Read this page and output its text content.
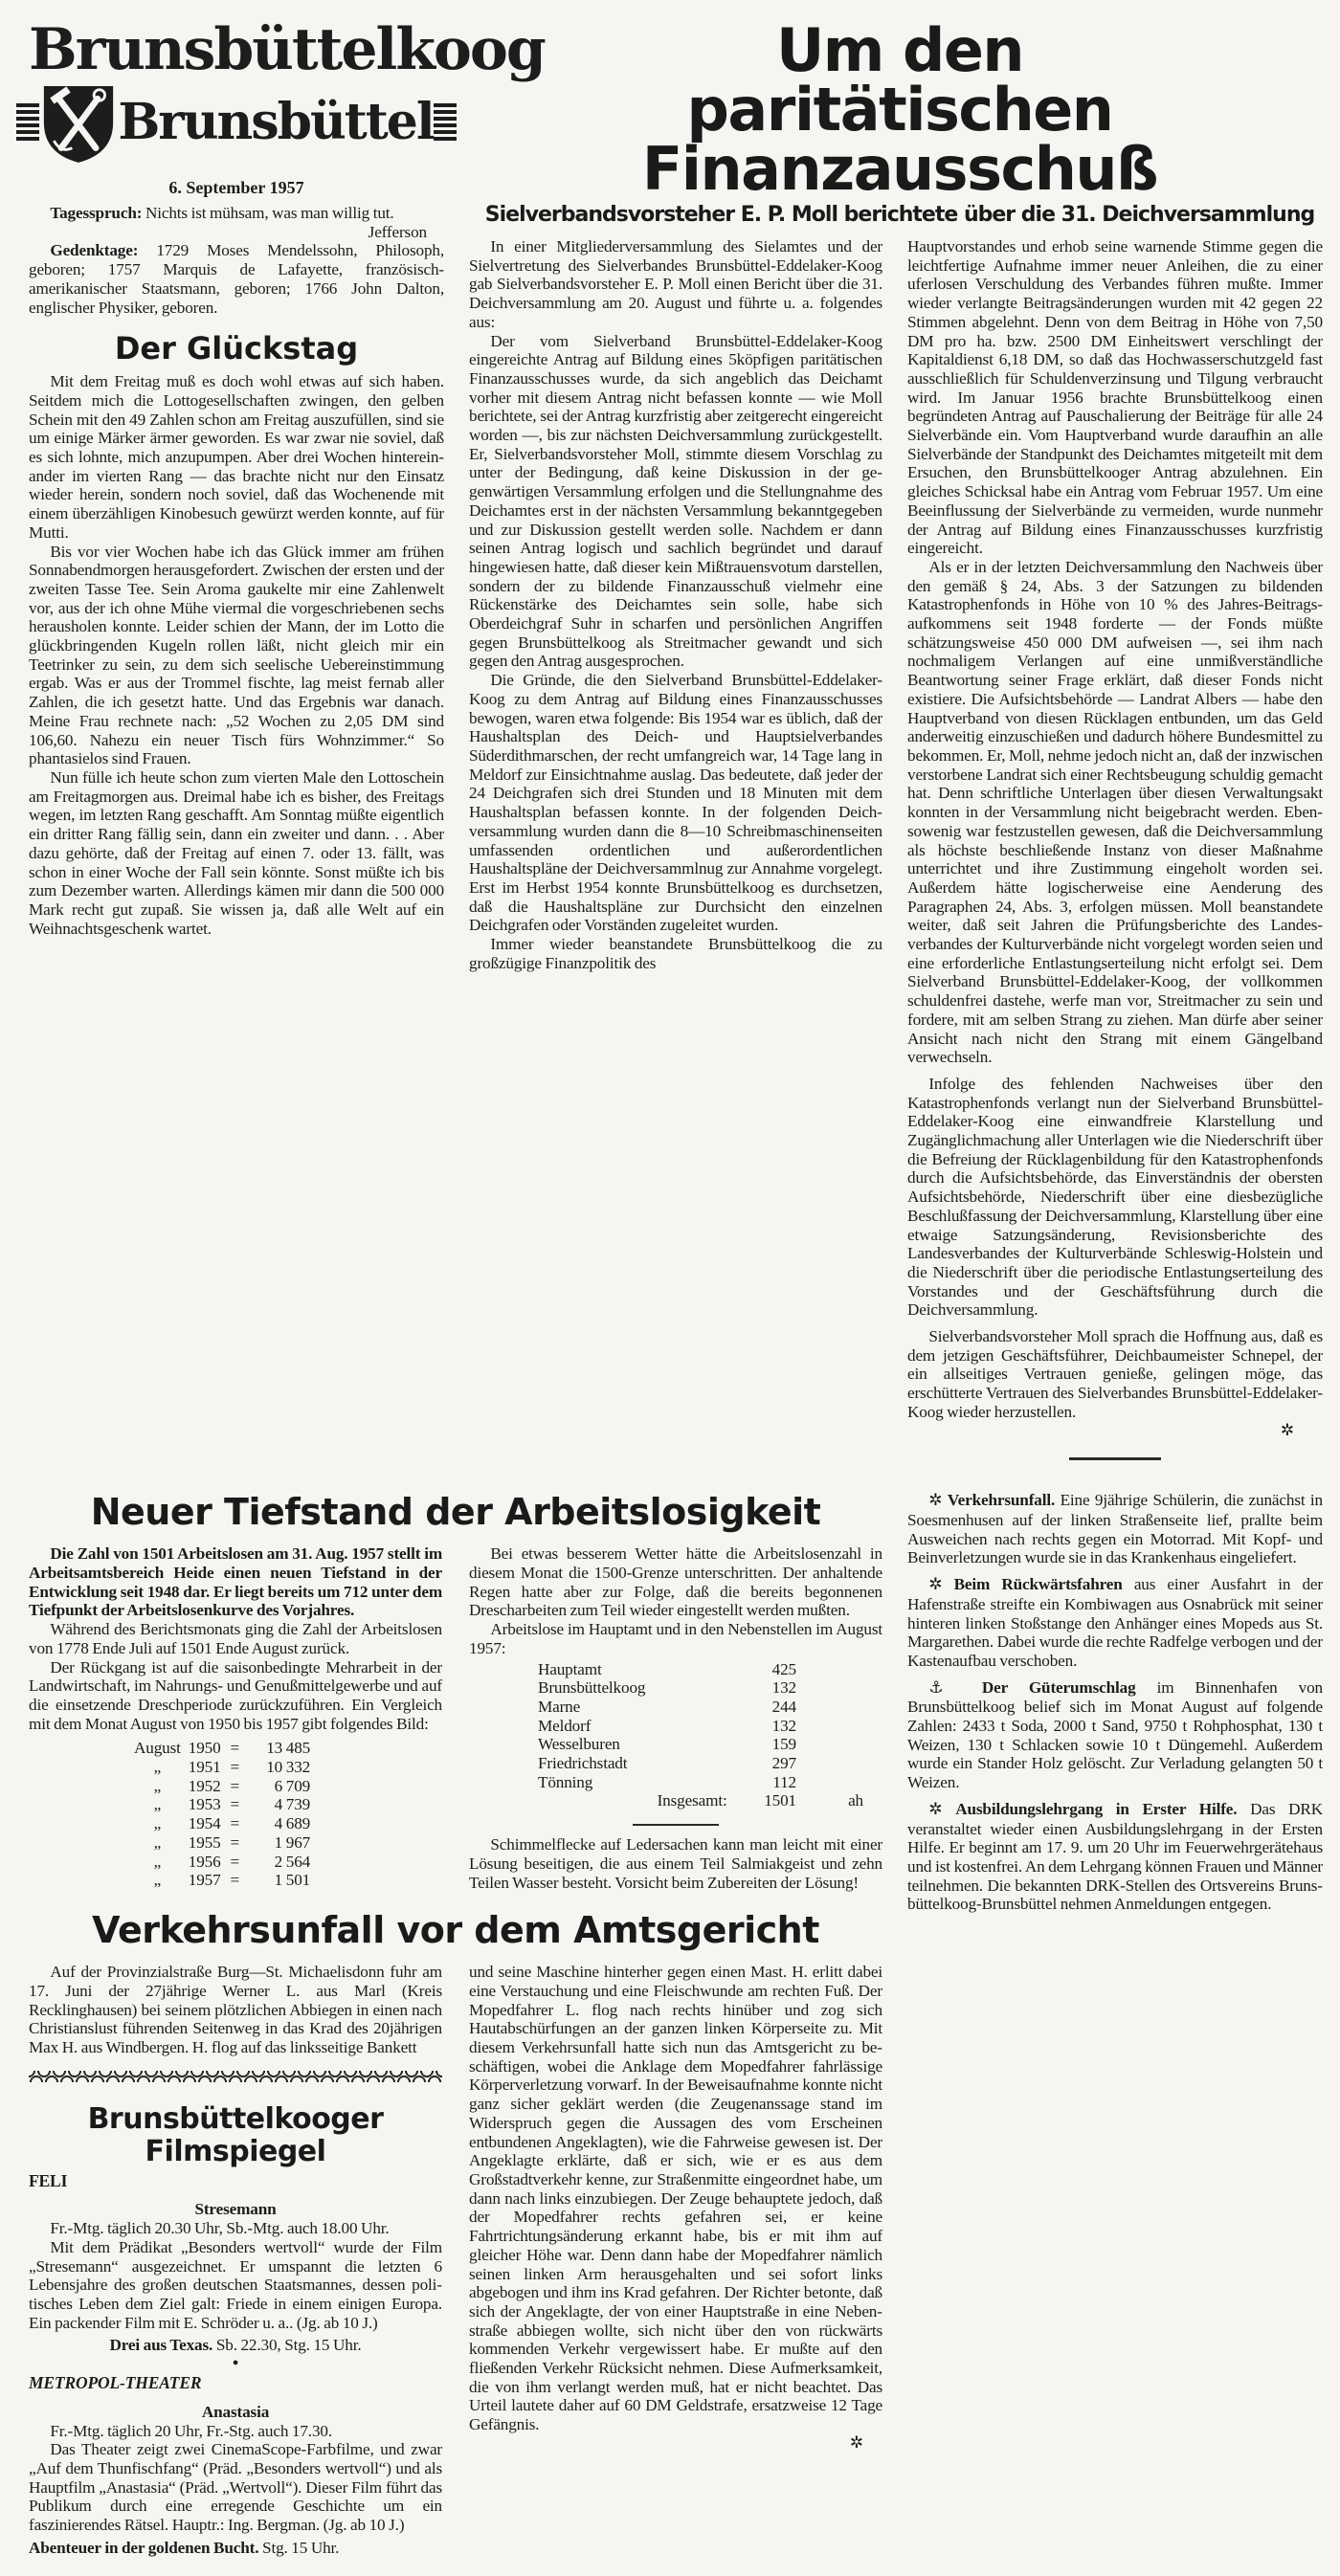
Brunsbüttelkoog
Brunsbüttel
6. September 1957

Tagesspruch: Nichts ist mühsam, was man willig tut.
Jefferson

Gedenktage: 1729 Moses Mendelssohn, Philosoph, geboren; 1757 Marquis de Lafayette, französisch-amerikanischer Staatsmann, geboren; 1766 John Dalton, englischer Physiker, geboren.

Der Glückstag

Mit dem Freitag muß es doch wohl etwas auf sich haben. Seitdem mich die Lottogesellschaften zwingen, den gelben Schein mit den 49 Zahlen schon am Freitag auszufüllen, sind sie um einige Märker ärmer geworden. Es war zwar nie soviel, daß es sich lohnte, mich anzupumpen. Aber drei Wochen hintereinander im vierten Rang — das brachte nicht nur den Einsatz wieder herein, sondern noch soviel, daß das Wochenende mit einem überzähligen Kinobesuch gewürzt werden konnte, auf für Mutti.

Bis vor vier Wochen habe ich das Glück immer am frühen Sonnabendmorgen herausgefordert. Zwischen der ersten und der zweiten Tasse Tee. Sein Aroma gaukelte mir eine Zahlenwelt vor, aus der ich ohne Mühe viermal die vorgeschriebenen sechs herausholen konnte. Leider schien der Mann, der im Lotto die glückbringenden Kugeln rollen läßt, nicht gleich mir ein Teetrinker zu sein, zu dem sich seelische Uebereinstimmung ergab. Was er aus der Trommel fischte, lag meist fernab aller Zahlen, die ich gesetzt hatte. Und das Ergebnis war danach. Meine Frau rechnete nach: „52 Wochen zu 2,05 DM sind 106,60. Nahezu ein neuer Tisch fürs Wohnzimmer.“ So phantasielos sind Frauen.

Nun fülle ich heute schon zum vierten Male den Lottoschein am Freitagmorgen aus. Dreimal habe ich es bisher, des Freitags wegen, im letzten Rang geschafft. Am Sonntag müßte eigentlich ein dritter Rang fällig sein, dann ein zweiter und dann. . . Aber dazu gehörte, daß der Freitag auf einen 7. oder 13. fällt, was schon in einer Woche der Fall sein könnte. Sonst müßte ich bis zum Dezember warten. Allerdings kämen mir dann die 500 000 Mark recht gut zupaß. Sie wissen ja, daß alle Welt auf ein Weihnachtsgeschenk wartet.

Um den
paritätischen Finanzausschuß
Sielverbandsvorsteher E. P. Moll berichtete über die 31. Deichversammlung

In einer Mitgliederversammlung des Sielamtes und der Sielvertretung des Sielverbandes Brunsbüttel-Eddelaker-Koog gab Sielverbandsvorsteher E. P. Moll einen Bericht über die 31. Deichversammlung am 20. August und führte u. a. folgendes aus:

Der vom Sielverband Brunsbüttel-Eddelaker-Koog eingereichte Antrag auf Bildung eines 5köpfigen paritätischen Finanzausschusses wurde, da sich angeblich das Deichamt vorher mit diesem Antrag nicht befassen konnte — wie Moll berichtete, sei der Antrag kurzfristig aber zeitgerecht eingereicht worden —, bis zur nächsten Deichversammlung zurückgestellt. Er, Sielverbandsvorsteher Moll, stimmte diesem Vorschlag zu unter der Bedingung, daß keine Diskussion in der gegenwärtigen Versammlung erfolgen und die Stellungnahme des Deichamtes erst in der nächsten Versammlung bekanntgegeben und zur Diskussion gestellt werden solle. Nachdem er dann seinen Antrag logisch und sachlich begründet und darauf hingewiesen hatte, daß dieser kein Mißtrauensvotum darstellen, sondern der zu bildende Finanzausschuß vielmehr eine Rückenstärke des Deichamtes sein solle, habe sich Oberdeichgraf Suhr in scharfen und persönlichen Angriffen gegen Brunsbüttelkoog als Streitmacher gewandt und sich gegen den Antrag ausgesprochen.

Die Gründe, die den Sielverband Brunsbüttel-Eddelaker-Koog zu dem Antrag auf Bildung eines Finanzausschusses bewogen, waren etwa folgende: Bis 1954 war es üblich, daß der Haushaltsplan des Deich- und Hauptsielverbandes Süderdithmarschen, der recht umfangreich war, 14 Tage lang in Meldorf zur Einsichtnahme auslag. Das bedeutete, daß jeder der 24 Deichgrafen sich drei Stunden und 18 Minuten mit dem Haushaltsplan befassen konnte. In der folgenden Deichversammlung wurden dann die 8—10 Schreibmaschinenseiten umfassenden ordentlichen und außerordentlichen Haushaltspläne der Deichversammlnug zur Annahme vorgelegt. Erst im Herbst 1954 konnte Brunsbüttelkoog es durchsetzen, daß die Haushaltspläne zur Durchsicht den einzelnen Deichgrafen oder Vorständen zugeleitet wurden.

Immer wieder beanstandete Brunsbüttelkoog die zu großzügige Finanzpolitik des

Hauptvorstandes und erhob seine warnende Stimme gegen die leichtfertige Aufnahme immer neuer Anleihen, die zu einer uferlosen Verschuldung des Verbandes führen mußte. Immer wieder verlangte Beitragsänderungen wurden mit 42 gegen 22 Stimmen abgelehnt. Denn von dem Beitrag in Höhe von 7,50 DM pro ha. bzw. 2500 DM Einheitswert verschlingt der Kapitaldienst 6,18 DM, so daß das Hochwasserschutzgeld fast ausschließlich für Schuldenverzinsung und Tilgung verbraucht wird. Im Januar 1956 brachte Brunsbüttelkoog einen begründeten Antrag auf Pauschalierung der Beiträge für alle 24 Sielverbände ein. Vom Hauptverband wurde daraufhin an alle Sielverbände der Standpunkt des Deichamtes mitgeteilt mit dem Ersuchen, den Brunsbüttelkooger Antrag abzulehnen. Ein gleiches Schicksal habe ein Antrag vom Februar 1957. Um eine Beeinflussung der Sielverbände zu vermeiden, wurde nunmehr der Antrag auf Bildung eines Finanzausschusses kurzfristig eingereicht.

Als er in der letzten Deichversammlung den Nachweis über den gemäß § 24, Abs. 3 der Satzungen zu bildenden Katastrophenfonds in Höhe von 10 % des Jahres-Beitragsaufkommens seit 1948 forderte — der Fonds müßte schätzungsweise 450 000 DM aufweisen —, sei ihm nach nochmaligem Verlangen auf eine unmißverständliche Beantwortung seiner Frage erklärt, daß dieser Fonds nicht existiere. Die Aufsichtsbehörde — Landrat Albers — habe den Hauptverband von diesen Rücklagen entbunden, um das Geld anderweitig einzuschießen und dadurch höhere Bundesmittel zu bekommen. Er, Moll, nehme jedoch nicht an, daß der inzwischen verstorbene Landrat sich einer Rechtsbeugung schuldig gemacht hat. Denn schriftliche Unterlagen über diesen Verwaltungsakt konnten in der Versammlung nicht beigebracht werden. Ebensowenig war festzustellen gewesen, daß die Deichversammlung als höchste beschließende Instanz von dieser Maßnahme unterrichtet und ihre Zustimmung eingeholt worden sei. Außerdem hätte logischerweise eine Aenderung des Paragraphen 24, Abs. 3, erfolgen müssen. Moll beanstandete weiter, daß seit Jahren die Prüfungsberichte des Landesverbandes der Kulturverbände nicht vorgelegt worden seien und eine erforderliche Entlastungserteilung nicht erfolgt sei. Dem Sielverband Brunsbüttel-Eddelaker-Koog, der vollkommen schuldenfrei dastehe, werfe man vor, Streitmacher zu sein und fordere, mit am selben Strang zu ziehen. Man dürfe aber seiner Ansicht nach nicht den Strang mit einem Gängelband verwechseln.

Infolge des fehlenden Nachweises über den Katastrophenfonds verlangt nun der Sielverband Brunsbüttel-Eddelaker-Koog eine einwandfreie Klarstellung und Zugänglichmachung aller Unterlagen wie die Niederschrift über die Befreiung der Rücklagenbildung für den Katastrophenfonds durch die Aufsichtsbehörde, das Einverständnis der obersten Aufsichtsbehörde, Niederschrift über eine diesbezügliche Beschlußfassung der Deichversammlung, Klarstellung über eine etwaige Satzungsänderung, Revisionsberichte des Landesverbandes der Kulturverbände Schleswig-Holstein und die Niederschrift über die periodische Entlastungserteilung des Vorstandes und der Geschäftsführung durch die Deichversammlung.

Sielverbandsvorsteher Moll sprach die Hoffnung aus, daß es dem jetzigen Geschäftsführer, Deichbaumeister Schnepel, der ein allseitiges Vertrauen genieße, gelingen möge, das erschütterte Vertrauen des Sielverbandes Brunsbüttel-Eddelaker-Koog wieder herzustellen.

✲
Neuer Tiefstand der Arbeitslosigkeit

Die Zahl von 1501 Arbeitslosen am 31. Aug. 1957 stellt im Arbeitsamtsbereich Heide einen neuen Tiefstand in der Entwicklung seit 1948 dar. Er liegt bereits um 712 unter dem Tiefpunkt der Arbeitslosenkurve des Vorjahres.

Während des Berichtsmonats ging die Zahl der Arbeitslosen von 1778 Ende Juli auf 1501 Ende August zurück.

Der Rückgang ist auf die saisonbedingte Mehrarbeit in der Landwirtschaft, im Nahrungs- und Genußmittelgewerbe und auf die einsetzende Dreschperiode zurückzuführen. Ein Vergleich mit dem Monat August von 1950 bis 1957 gibt folgendes Bild:

August	1950	=	13 485
„	1951	=	10 332
„	1952	=	6 709
„	1953	=	4 739
„	1954	=	4 689
„	1955	=	1 967
„	1956	=	2 564
„	1957	=	1 501

Bei etwas besserem Wetter hätte die Arbeitslosenzahl in diesem Monat die 1500-Grenze unterschritten. Der anhaltende Regen hatte aber zur Folge, daß die bereits begonnenen Drescharbeiten zum Teil wieder eingestellt werden mußten.

Arbeitslose im Hauptamt und in den Nebenstellen im August 1957:

Hauptamt	425	
Brunsbüttelkoog	132	
Marne	244	
Meldorf	132	
Wesselburen	159	
Friedrichstadt	297	
Tönning	112	
Insgesamt:	1501	ah

Schimmelflecke auf Ledersachen kann man leicht mit einer Lösung beseitigen, die aus einem Teil Salmiakgeist und zehn Teilen Wasser besteht. Vorsicht beim Zubereiten der Lösung!

Verkehrsunfall vor dem Amtsgericht

Auf der Provinzialstraße Burg—St. Michaelisdonn fuhr am 17. Juni der 27jährige Werner L. aus Marl (Kreis Recklinghausen) bei seinem plötzlichen Abbiegen in einen nach Christianslust führenden Seitenweg in das Krad des 20jährigen Max H. aus Windbergen. H. flog auf das linksseitige Bankett

Brunsbüttelkooger Filmspiegel
FELI
Stresemann

Fr.-Mtg. täglich 20.30 Uhr, Sb.-Mtg. auch 18.00 Uhr.

Mit dem Prädikat „Besonders wertvoll“ wurde der Film „Stresemann“ ausgezeichnet. Er umspannt die letzten 6 Lebensjahre des großen deutschen Staatsmannes, dessen politisches Leben dem Ziel galt: Friede in einem einigen Europa. Ein packender Film mit E. Schröder u. a.. (Jg. ab 10 J.)

Drei aus Texas. Sb. 22.30, Stg. 15 Uhr.
●
METROPOL-THEATER
Anastasia

Fr.-Mtg. täglich 20 Uhr, Fr.-Stg. auch 17.30.

Das Theater zeigt zwei CinemaScope-Farbfilme, und zwar „Auf dem Thunfischfang“ (Präd. „Besonders wertvoll“) und als Hauptfilm „Anastasia“ (Präd. „Wertvoll“). Dieser Film führt das Publikum durch eine erregende Geschichte um ein faszinierendes Rätsel. Hauptr.: Ing. Bergman. (Jg. ab 10 J.)

Abenteuer in der goldenen Bucht. Stg. 15 Uhr.

und seine Maschine hinterher gegen einen Mast. H. erlitt dabei eine Verstauchung und eine Fleischwunde am rechten Fuß. Der Mopedfahrer L. flog nach rechts hinüber und zog sich Hautabschürfungen an der ganzen linken Körperseite zu. Mit diesem Verkehrsunfall hatte sich nun das Amtsgericht zu beschäftigen, wobei die Anklage dem Mopedfahrer fahrlässige Körperverletzung vorwarf. In der Beweisaufnahme konnte nicht ganz sicher geklärt werden (die Zeugenanssage stand im Widerspruch gegen die Aussagen des vom Erscheinen entbundenen Angeklagten), wie die Fahrweise gewesen ist. Der Angeklagte erklärte, daß er sich, wie er es aus dem Großstadtverkehr kenne, zur Straßenmitte eingeordnet habe, um dann nach links einzubiegen. Der Zeuge behauptete jedoch, daß der Mopedfahrer rechts gefahren sei, er keine Fahrtrichtungsänderung erkannt habe, bis er mit ihm auf gleicher Höhe war. Denn dann habe der Mopedfahrer nämlich seinen linken Arm herausgehalten und sei sofort links abgebogen und ihm ins Krad gefahren. Der Richter betonte, daß sich der Angeklagte, der von einer Hauptstraße in eine Nebenstraße abbiegen wollte, sich nicht über den von rückwärts kommenden Verkehr vergewissert habe. Er mußte auf den fließenden Verkehr Rücksicht nehmen. Diese Aufmerksamkeit, die von ihm verlangt werden muß, hat er nicht beachtet. Das Urteil lautete daher auf 60 DM Geldstrafe, ersatzweise 12 Tage Gefängnis.

✲

✲ Verkehrsunfall. Eine 9jährige Schülerin, die zunächst in Soesmenhusen auf der linken Straßenseite lief, prallte beim Ausweichen nach rechts gegen ein Motorrad. Mit Kopf- und Beinverletzungen wurde sie in das Krankenhaus eingeliefert.

✲ Beim Rückwärtsfahren aus einer Ausfahrt in der Hafenstraße streifte ein Kombiwagen aus Osnabrück mit seiner hinteren linken Stoßstange den Anhänger eines Mopeds aus St. Margarethen. Dabei wurde die rechte Radfelge verbogen und der Kastenaufbau verschoben.

⚓ Der Güterumschlag im Binnenhafen von Brunsbüttelkoog belief sich im Monat August auf folgende Zahlen: 2433 t Soda, 2000 t Sand, 9750 t Rohphosphat, 130 t Weizen, 130 t Schlacken sowie 10 t Düngemehl. Außerdem wurde ein Stander Holz gelöscht. Zur Verladung gelangten 50 t Weizen.

✲ Ausbildungslehrgang in Erster Hilfe. Das DRK veranstaltet wieder einen Ausbildungslehrgang in der Ersten Hilfe. Er beginnt am 17. 9. um 20 Uhr im Feuerwehrgerätehaus und ist kostenfrei. An dem Lehrgang können Frauen und Männer teilnehmen. Die bekannten DRK-Stellen des Ortsvereins Brunsbüttelkoog-Brunsbüttel nehmen Anmeldungen entgegen.
